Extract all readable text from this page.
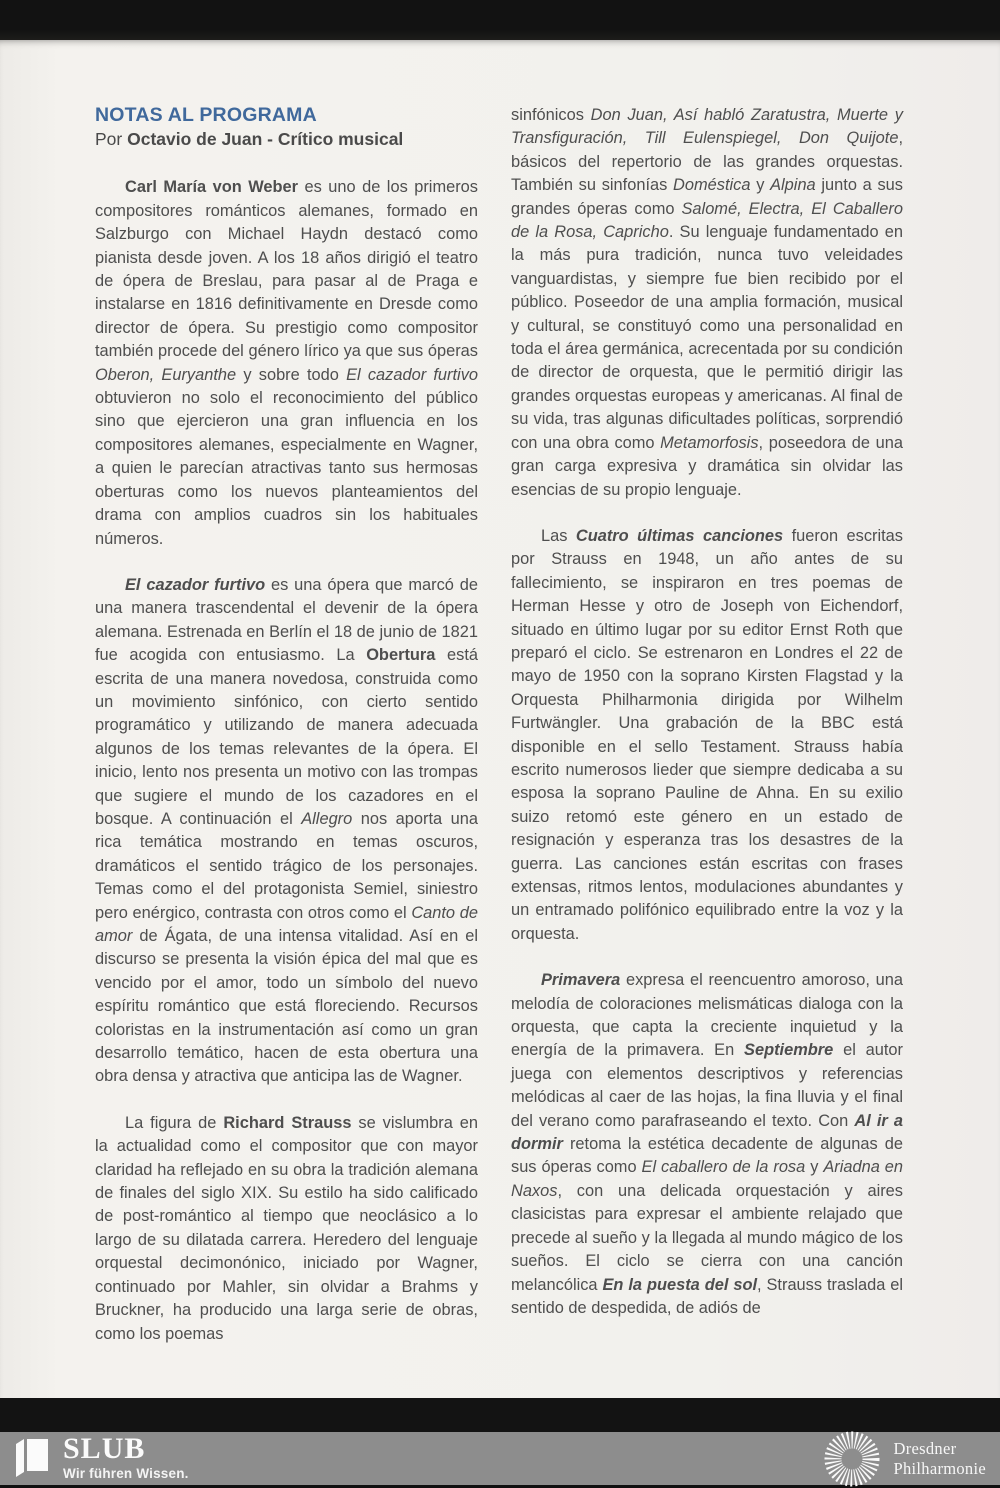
NOTAS AL PROGRAMA

Por Octavio de Juan - Crítico musical

Carl María von Weber es uno de los primeros compositores románticos alemanes, formado en Salzburgo con Michael Haydn destacó como pianista desde joven. A los 18 años dirigió el teatro de ópera de Breslau, para pasar al de Praga e instalarse en 1816 definitivamente en Dresde como director de ópera. Su prestigio como compositor también procede del género lírico ya que sus óperas Oberon, Euryanthe y sobre todo El cazador furtivo obtuvieron no solo el reconocimiento del público sino que ejercieron una gran influencia en los compositores alemanes, especialmente en Wagner, a quien le parecían atractivas tanto sus hermosas oberturas como los nuevos planteamientos del drama con amplios cuadros sin los habituales números.

El cazador furtivo es una ópera que marcó de una manera trascendental el devenir de la ópera alemana. Estrenada en Berlín el 18 de junio de 1821 fue acogida con entusiasmo. La Obertura está escrita de una manera novedosa, construida como un movimiento sinfónico, con cierto sentido programático y utilizando de manera adecuada algunos de los temas relevantes de la ópera. El inicio, lento nos presenta un motivo con las trompas que sugiere el mundo de los cazadores en el bosque. A continuación el Allegro nos aporta una rica temática mostrando en temas oscuros, dramáticos el sentido trágico de los personajes. Temas como el del protagonista Semiel, siniestro pero enérgico, contrasta con otros como el Canto de amor de Ágata, de una intensa vitalidad. Así en el discurso se presenta la visión épica del mal que es vencido por el amor, todo un símbolo del nuevo espíritu romántico que está floreciendo. Recursos coloristas en la instrumentación así como un gran desarrollo temático, hacen de esta obertura una obra densa y atractiva que anticipa las de Wagner.

La figura de Richard Strauss se vislumbra en la actualidad como el compositor que con mayor claridad ha reflejado en su obra la tradición alemana de finales del siglo XIX. Su estilo ha sido calificado de post-romántico al tiempo que neoclásico a lo largo de su dilatada carrera. Heredero del lenguaje orquestal decimonónico, iniciado por Wagner, continuado por Mahler, sin olvidar a Brahms y Bruckner, ha producido una larga serie de obras, como los poemas

sinfónicos Don Juan, Así habló Zaratustra, Muerte y Transfiguración, Till Eulenspiegel, Don Quijote, básicos del repertorio de las grandes orquestas. También su sinfonías Doméstica y Alpina junto a sus grandes óperas como Salomé, Electra, El Caballero de la Rosa, Capricho. Su lenguaje fundamentado en la más pura tradición, nunca tuvo veleidades vanguardistas, y siempre fue bien recibido por el público. Poseedor de una amplia formación, musical y cultural, se constituyó como una personalidad en toda el área germánica, acrecentada por su condición de director de orquesta, que le permitió dirigir las grandes orquestas europeas y americanas. Al final de su vida, tras algunas dificultades políticas, sorprendió con una obra como Metamorfosis, poseedora de una gran carga expresiva y dramática sin olvidar las esencias de su propio lenguaje.

Las Cuatro últimas canciones fueron escritas por Strauss en 1948, un año antes de su fallecimiento, se inspiraron en tres poemas de Herman Hesse y otro de Joseph von Eichendorf, situado en último lugar por su editor Ernst Roth que preparó el ciclo. Se estrenaron en Londres el 22 de mayo de 1950 con la soprano Kirsten Flagstad y la Orquesta Philharmonia dirigida por Wilhelm Furtwängler. Una grabación de la BBC está disponible en el sello Testament. Strauss había escrito numerosos lieder que siempre dedicaba a su esposa la soprano Pauline de Ahna. En su exilio suizo retomó este género en un estado de resignación y esperanza tras los desastres de la guerra. Las canciones están escritas con frases extensas, ritmos lentos, modulaciones abundantes y un entramado polifónico equilibrado entre la voz y la orquesta.

Primavera expresa el reencuentro amoroso, una melodía de coloraciones melismáticas dialoga con la orquesta, que capta la creciente inquietud y la energía de la primavera. En Septiembre el autor juega con elementos descriptivos y referencias melódicas al caer de las hojas, la fina lluvia y el final del verano como parafraseando el texto. Con Al ir a dormir retoma la estética decadente de algunas de sus óperas como El caballero de la rosa y Ariadna en Naxos, con una delicada orquestación y aires clasicistas para expresar el ambiente relajado que precede al sueño y la llegada al mundo mágico de los sueños. El ciclo se cierra con una canción melancólica En la puesta del sol, Strauss traslada el sentido de despedida, de adiós de

SLUB
Wir führen Wissen.
Dresdner
Philharmonie
